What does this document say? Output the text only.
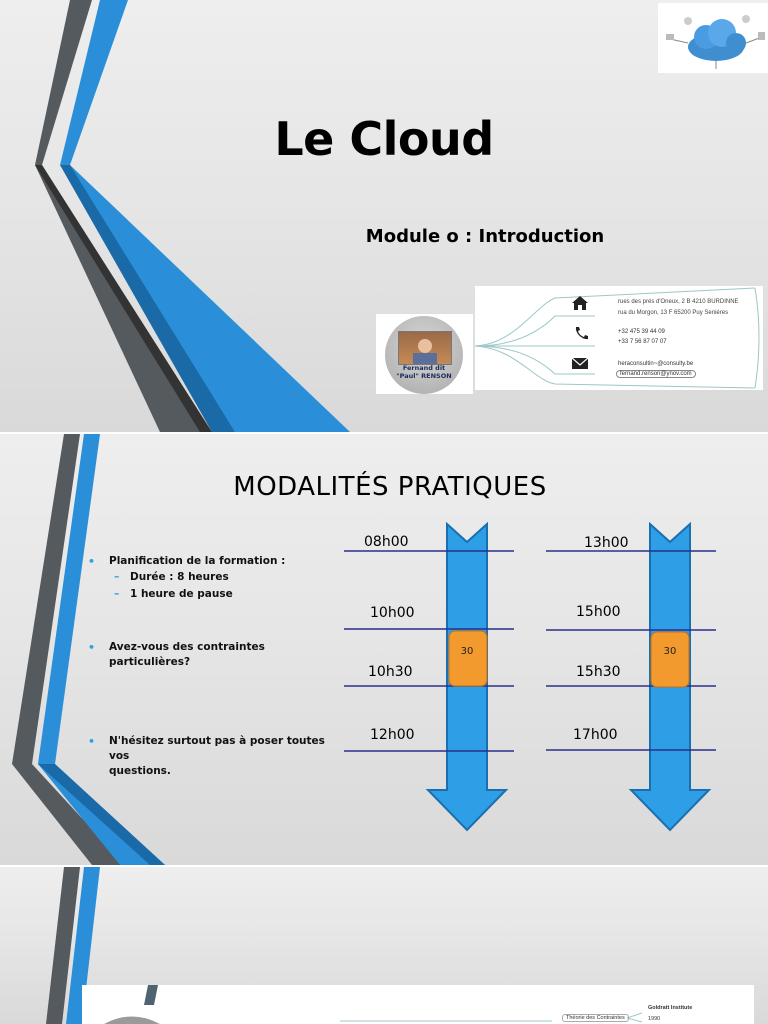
Le Cloud
Module o : Introduction
Fernand dit
"Paul" RENSON
rues des prés d'Oneux, 2 B 4210 BURDINNE
rua du Morgon, 13 F 65200 Puy Seniéres
+32 475 39 44 09
+33 7 56 87 07 07
heraconsultin~@consulty.be
fernand.renson@ynov.com
MODALITÉS PRATIQUES
• Planification de la formation :
– Durée : 8 heures
– 1 heure de pause
• Avez-vous des contraintes particulières?
• N'hésitez surtout pas à poser toutes vos
questions.
08h00
10h00
10h30
12h00
30
13h00
15h00
15h30
17h00
30
Théorie des Contraintes
Goldratt Institute
1990
